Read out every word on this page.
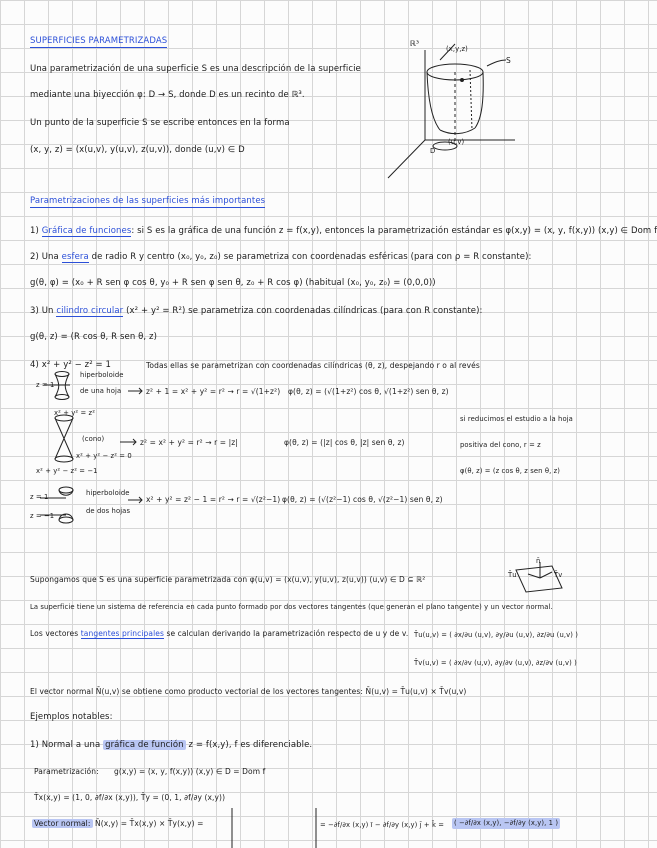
SUPERFICIES PARAMETRIZADAS
Una parametrización de una superficie S es una descripción de la superficie
mediante una biyección φ: D → S, donde D es un recinto de ℝ³.
Un punto de la superficie S se escribe entonces en la forma
(x, y, z) = (x(u,v), y(u,v), z(u,v)), donde (u,v) ∈ D
ℝ³
(x,y,z)
S
(u,v)
D
Parametrizaciones de las superficies más importantes
1) Gráfica de funciones: si S es la gráfica de una función z = f(x,y), entonces la parametrización estándar es φ(x,y) = (x, y, f(x,y)) (x,y) ∈ Dom f
2) Una esfera de radio R y centro (x₀, y₀, z₀) se parametriza con coordenadas esféricas (para con ρ = R constante):
g(θ, φ) = (x₀ + R sen φ cos θ, y₀ + R sen φ sen θ, z₀ + R cos φ) (habitual (x₀, y₀, z₀) = (0,0,0))
3) Un cilindro circular (x² + y² = R²) se parametriza con coordenadas cilíndricas (para con R constante):
g(θ, z) = (R cos θ, R sen θ, z)
4) x² + y² − z² = 1	Todas ellas se parametrizan con coordenadas cilíndricas (θ, z), despejando r o al revés
z = 1
hiperboloide
de una hoja	z² + 1 = x² + y² = r² → r = √(1+z²) φ(θ, z) = (√(1+z²) cos θ, √(1+z²) sen θ, z)
x² + y² = z²
(cono)
x² + y² − z² = 0
z² = x² + y² = r² → r = |z|	φ(θ, z) = (|z| cos θ, |z| sen θ, z)
si reducimos el estudio a la hoja
positiva del cono, r = z
φ(θ, z) = (z cos θ, z sen θ, z)
x² + y² − z² = −1
z = 1
z = −1
hiperboloide
de dos hojas
x² + y² = z² − 1 = r² → r = √(z²−1) φ(θ, z) = (√(z²−1) cos θ, √(z²−1) sen θ, z)
Supongamos que S es una superficie parametrizada con φ(u,v) = (x(u,v), y(u,v), z(u,v)) (u,v) ∈ D ⊆ ℝ²
n̄
T̄u	T̄v
La superficie tiene un sistema de referencia en cada punto formado por dos vectores tangentes (que generan el plano tangente) y un vector normal.
Los vectores tangentes principales se calculan derivando la parametrización respecto de u y de v. T̄u(u,v) = ( ∂x/∂u (u,v), ∂y/∂u (u,v), ∂z/∂u (u,v) )
T̄v(u,v) = ( ∂x/∂v (u,v), ∂y/∂v (u,v), ∂z/∂v (u,v) )
El vector normal N̄(u,v) se obtiene como producto vectorial de los vectores tangentes: N̄(u,v) = T̄u(u,v) × T̄v(u,v)
Ejemplos notables:
1) Normal a una gráfica de función z = f(x,y), f es diferenciable.
Parametrización: g(x,y) = (x, y, f(x,y)) (x,y) ∈ D = Dom f
T̄x(x,y) = (1, 0, ∂f/∂x (x,y)), T̄y = (0, 1, ∂f/∂y (x,y))
Vector normal: N̄(x,y) = T̄x(x,y) × T̄y(x,y) =	= −∂f/∂x (x,y) ī − ∂f/∂y (x,y) j̄ + k̄ = ( −∂f/∂x (x,y), −∂f/∂y (x,y), 1 )
